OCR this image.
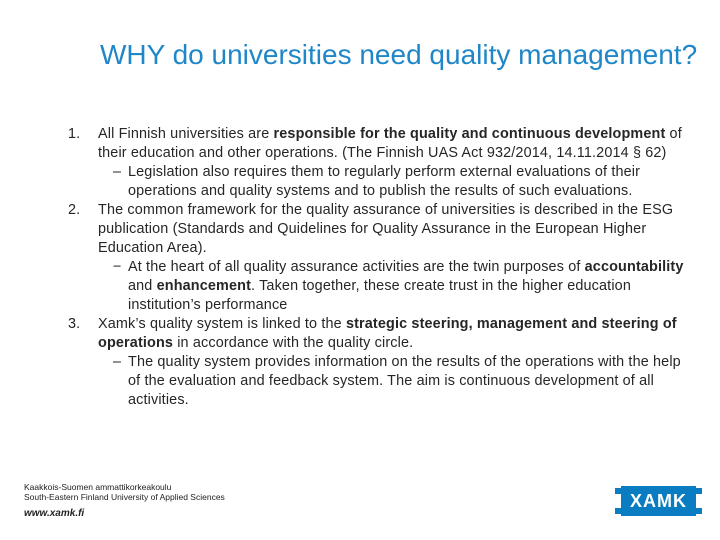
WHY do universities need quality management?
1. All Finnish universities are responsible for the quality and continuous development of their education and other operations. (The Finnish UAS Act 932/2014, 14.11.2014 § 62)
– Legislation also requires them to regularly perform external evaluations of their operations and quality systems and to publish the results of such evaluations.
2. The common framework for the quality assurance of universities is described in the ESG publication (Standards and Quidelines for Quality Assurance in the European Higher Education Area).
− At the heart of all quality assurance activities are the twin purposes of accountability and enhancement. Taken together, these create trust in the higher education institution’s performance
3. Xamk’s quality system is linked to the strategic steering, management and steering of operations in accordance with the quality circle.
– The quality system provides information on the results of the operations with the help of the evaluation and feedback system. The aim is continuous development of all activities.
Kaakkois-Suomen ammattikorkeakoulu
South-Eastern Finland University of Applied Sciences
www.xamk.fi
XAMK
